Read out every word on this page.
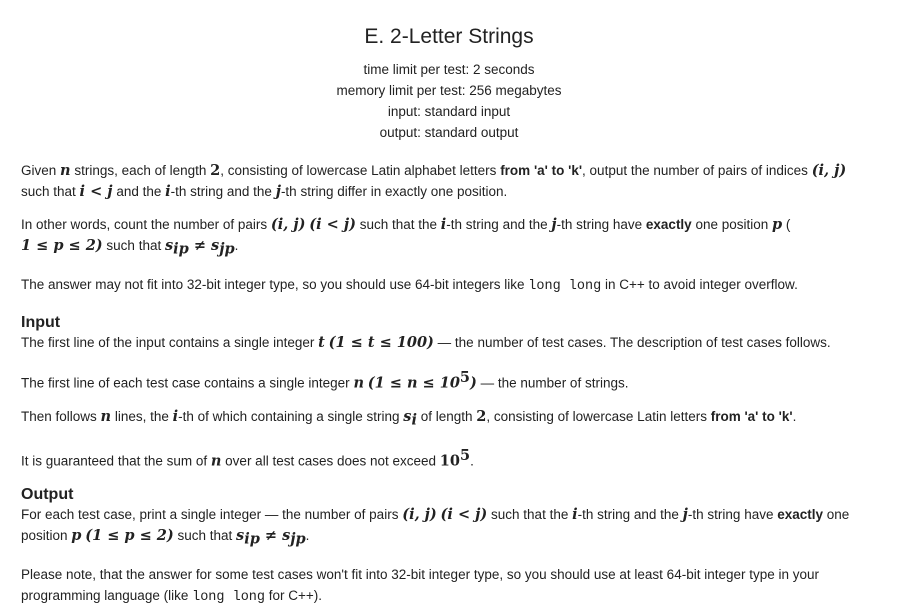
E. 2-Letter Strings
time limit per test: 2 seconds
memory limit per test: 256 megabytes
input: standard input
output: standard output

Given n strings, each of length 2, consisting of lowercase Latin alphabet letters from 'a' to 'k', output the number of pairs of indices (i, j)
such that i < j and the i-th string and the j-th string differ in exactly one position.

In other words, count the number of pairs (i, j) (i < j) such that the i-th string and the j-th string have exactly one position p (
1 ≤ p ≤ 2) such that $s_{ip} \ne s_{jp}$.

The answer may not fit into 32-bit integer type, so you should use 64-bit integers like long long in C++ to avoid integer overflow.

Input

The first line of the input contains a single integer t (1 ≤ t ≤ 100) — the number of test cases. The description of test cases follows.

The first line of each test case contains a single integer n $(1 \le n \le 10^5)$ — the number of strings.

Then follows n lines, the i-th of which containing a single string $s_i$ of length 2, consisting of lowercase Latin letters from 'a' to 'k'.

It is guaranteed that the sum of n over all test cases does not exceed $10^5$.

Output

For each test case, print a single integer — the number of pairs (i, j) (i < j) such that the i-th string and the j-th string have exactly one
position p (1 ≤ p ≤ 2) such that $s_{ip} \ne s_{jp}$.

Please note, that the answer for some test cases won't fit into 32-bit integer type, so you should use at least 64-bit integer type in your
programming language (like long long for C++).
